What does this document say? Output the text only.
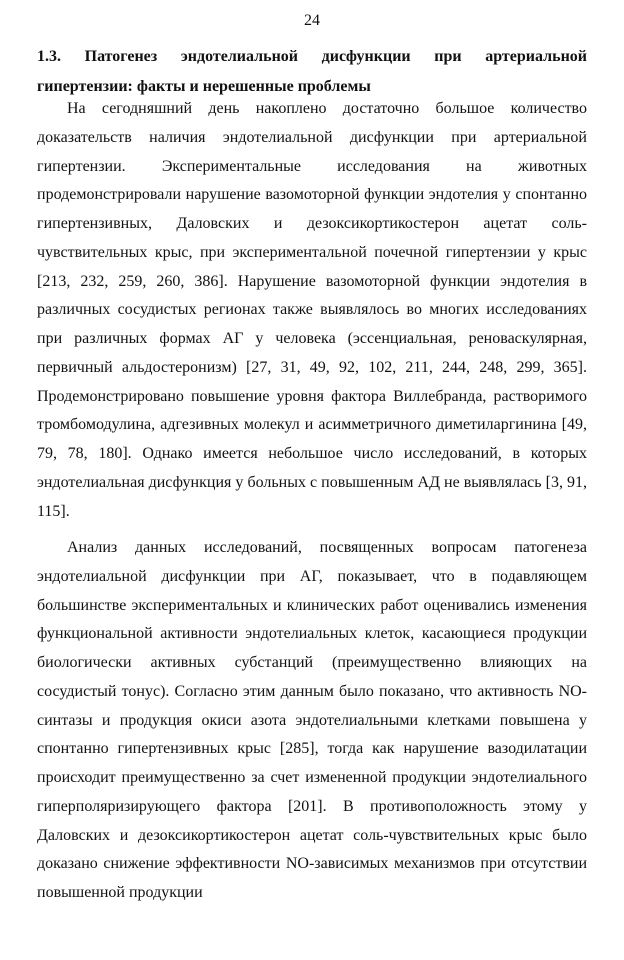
24
1.3. Патогенез эндотелиальной дисфункции при артериальной гипертензии: факты и нерешенные проблемы

На сегодняшний день накоплено достаточно большое количество доказательств наличия эндотелиальной дисфункции при артериальной гипертензии. Экспериментальные исследования на животных продемонстрировали нарушение вазомоторной функции эндотелия у спонтанно гипертензивных, Даловских и дезоксикортикостерон ацетат соль-чувствительных крыс, при экспериментальной почечной гипертензии у крыс [213, 232, 259, 260, 386]. Нарушение вазомоторной функции эндотелия в различных сосудистых регионах также выявлялось во многих исследованиях при различных формах АГ у человека (эссенциальная, реноваскулярная, первичный альдостеронизм) [27, 31, 49, 92, 102, 211, 244, 248, 299, 365]. Продемонстрировано повышение уровня фактора Виллебранда, растворимого тромбомодулина, адгезивных молекул и асимметричного диметиларгинина [49, 79, 78, 180]. Однако имеется небольшое число исследований, в которых эндотелиальная дисфункция у больных с повышенным АД не выявлялась [3, 91, 115].

Анализ данных исследований, посвященных вопросам патогенеза эндотелиальной дисфункции при АГ, показывает, что в подавляющем большинстве экспериментальных и клинических работ оценивались изменения функциональной активности эндотелиальных клеток, касающиеся продукции биологически активных субстанций (преимущественно влияющих на сосудистый тонус). Согласно этим данным было показано, что активность NO-синтазы и продукция окиси азота эндотелиальными клетками повышена у спонтанно гипертензивных крыс [285], тогда как нарушение вазодилатации происходит преимущественно за счет измененной продукции эндотелиального гиперполяризирующего фактора [201]. В противоположность этому у Даловских и дезоксикортикостерон ацетат соль-чувствительных крыс было доказано снижение эффективности NO-зависимых механизмов при отсутствии повышенной продукции
